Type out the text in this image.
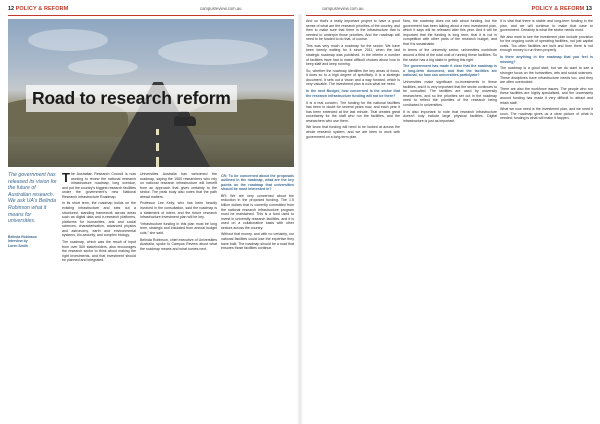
12 POLICY & REFORM	campusreview.com.au	campusreview.com.au	POLICY & REFORM 13
Road to research reform

The government has released its vision for the future of Australian research. We ask UA’s Belinda Robinson what it means for universities.

Belinda Robinson
Interview by
Loren Smith

The Australian Research Council is now working to renew the national research infrastructure roadmap, long overdue, and put the country’s biggest research facilities under the government’s new National Research Infrastructure Roadmap.

In its short term, the roadmap builds on the existing infrastructure and sets out a structured, standing framework across areas such as digital data and e-research platforms, platforms for humanities, arts and social sciences, characterisation, advanced physics and astronomy, earth and environmental systems, bio-security, and complex biology.

The roadmap, which was the result of input from over 500 stakeholders, also encourages the research sector to think about making the right investments, and that investment should be planned and integrated.

Universities Australia has welcomed the roadmap, saying the 1500 researchers who rely on national research infrastructure will benefit from an approach that gives certainty to the sector. The peak body also notes that the path ahead matters.

Professor Lee Kelly, who has been heavily involved in the consultation, said the roadmap is a statement of intent, and the future research infrastructure investment plan will be key.

“Infrastructure funding in this plan must be long term, strategic and insulated from annual budget cuts,” she said.

Belinda Robinson, chief executive of Universities Australia, spoke to Campus Review about what the roadmap means and what comes next.

CR: To be concerned about the proposals outlined in the roadmap, what are the key points on the roadmap that universities should be most interested in?

BR: We are very concerned about the reduction in the proposed funding. The 1.5 billion dollars that is currently committed from the national research infrastructure program must be maintained. This is a fund used to invest in university research facilities, and it is used on a collaborative basis with other sectors across the country.

Without that money, and with no certainty, our national facilities could lose the expertise they have built. The roadmap should be a road that ensures those facilities continue.

And so that’s a really important project to have a good sense of what are the research priorities of the country, and then to make sure that there is the infrastructure that is needed to underpin those priorities. And the roadmap will need to be funded to do that, of course.

This was very much a roadmap for the sector. We have been keenly waiting for it since 2011, when the last strategic roadmap was published. In the interim a number of facilities have had to make difficult choices about how to keep staff and keep running.

So, whether the roadmap identifies the key areas of focus, it does so to a high degree of specificity. It is a strategic document. It sets out a vision and a way forward, which is very valuable. The investment plan is now what we need.

In the next Budget, how concerned is the sector that the research infrastructure funding will not be there?

It is a real concern. The funding for the national facilities has been in doubt for several years now, and each year it has been extended at the last minute. That creates great uncertainty for the staff who run the facilities, and the researchers who use them.

We know that funding will need to be looked at across the whole research system, and we are keen to work with government on a long-term plan.

Now, the roadmap does not talk about funding, but the government has been talking about a new investment plan, which it says will be released later this year. And it will be important that the funding is long term, that it is not in competition with other parts of the research budget, and that it is sustainable.

In terms of the university sector, universities contribute around a third of the total cost of running these facilities. So the sector has a big stake in getting this right.

The government has made it clear that the roadmap is a long-term document, and that the facilities are national, so how can universities participate?

Universities make significant co-investments in these facilities, and it is very important that the sector continues to be consulted. The facilities are used by university researchers, and so the priorities set out in the roadmap need to reflect the priorities of the research being conducted in universities.

It is also important to note that research infrastructure doesn’t only include large physical facilities. Digital infrastructure is just as important.

It is vital that there is stable and long-term funding in the plan, and we will continue to make that case to government. Certainty is what the sector needs most.

We also want to see the investment plan include provision for the ongoing costs of operating facilities, not just capital costs. Too often facilities are built and then there is not enough money to run them properly.

Is there anything in the roadmap that you feel is missing?

The roadmap is a good start, but we do want to see a stronger focus on the humanities, arts and social sciences. These disciplines have infrastructure needs too, and they are often overlooked.

There are also the workforce issues. The people who run these facilities are highly specialised, and the uncertainty around funding has made it very difficult to attract and retain staff.

What we now need is the investment plan, and we need it soon. The roadmap gives us a clear picture of what is needed; funding is what will make it happen.
